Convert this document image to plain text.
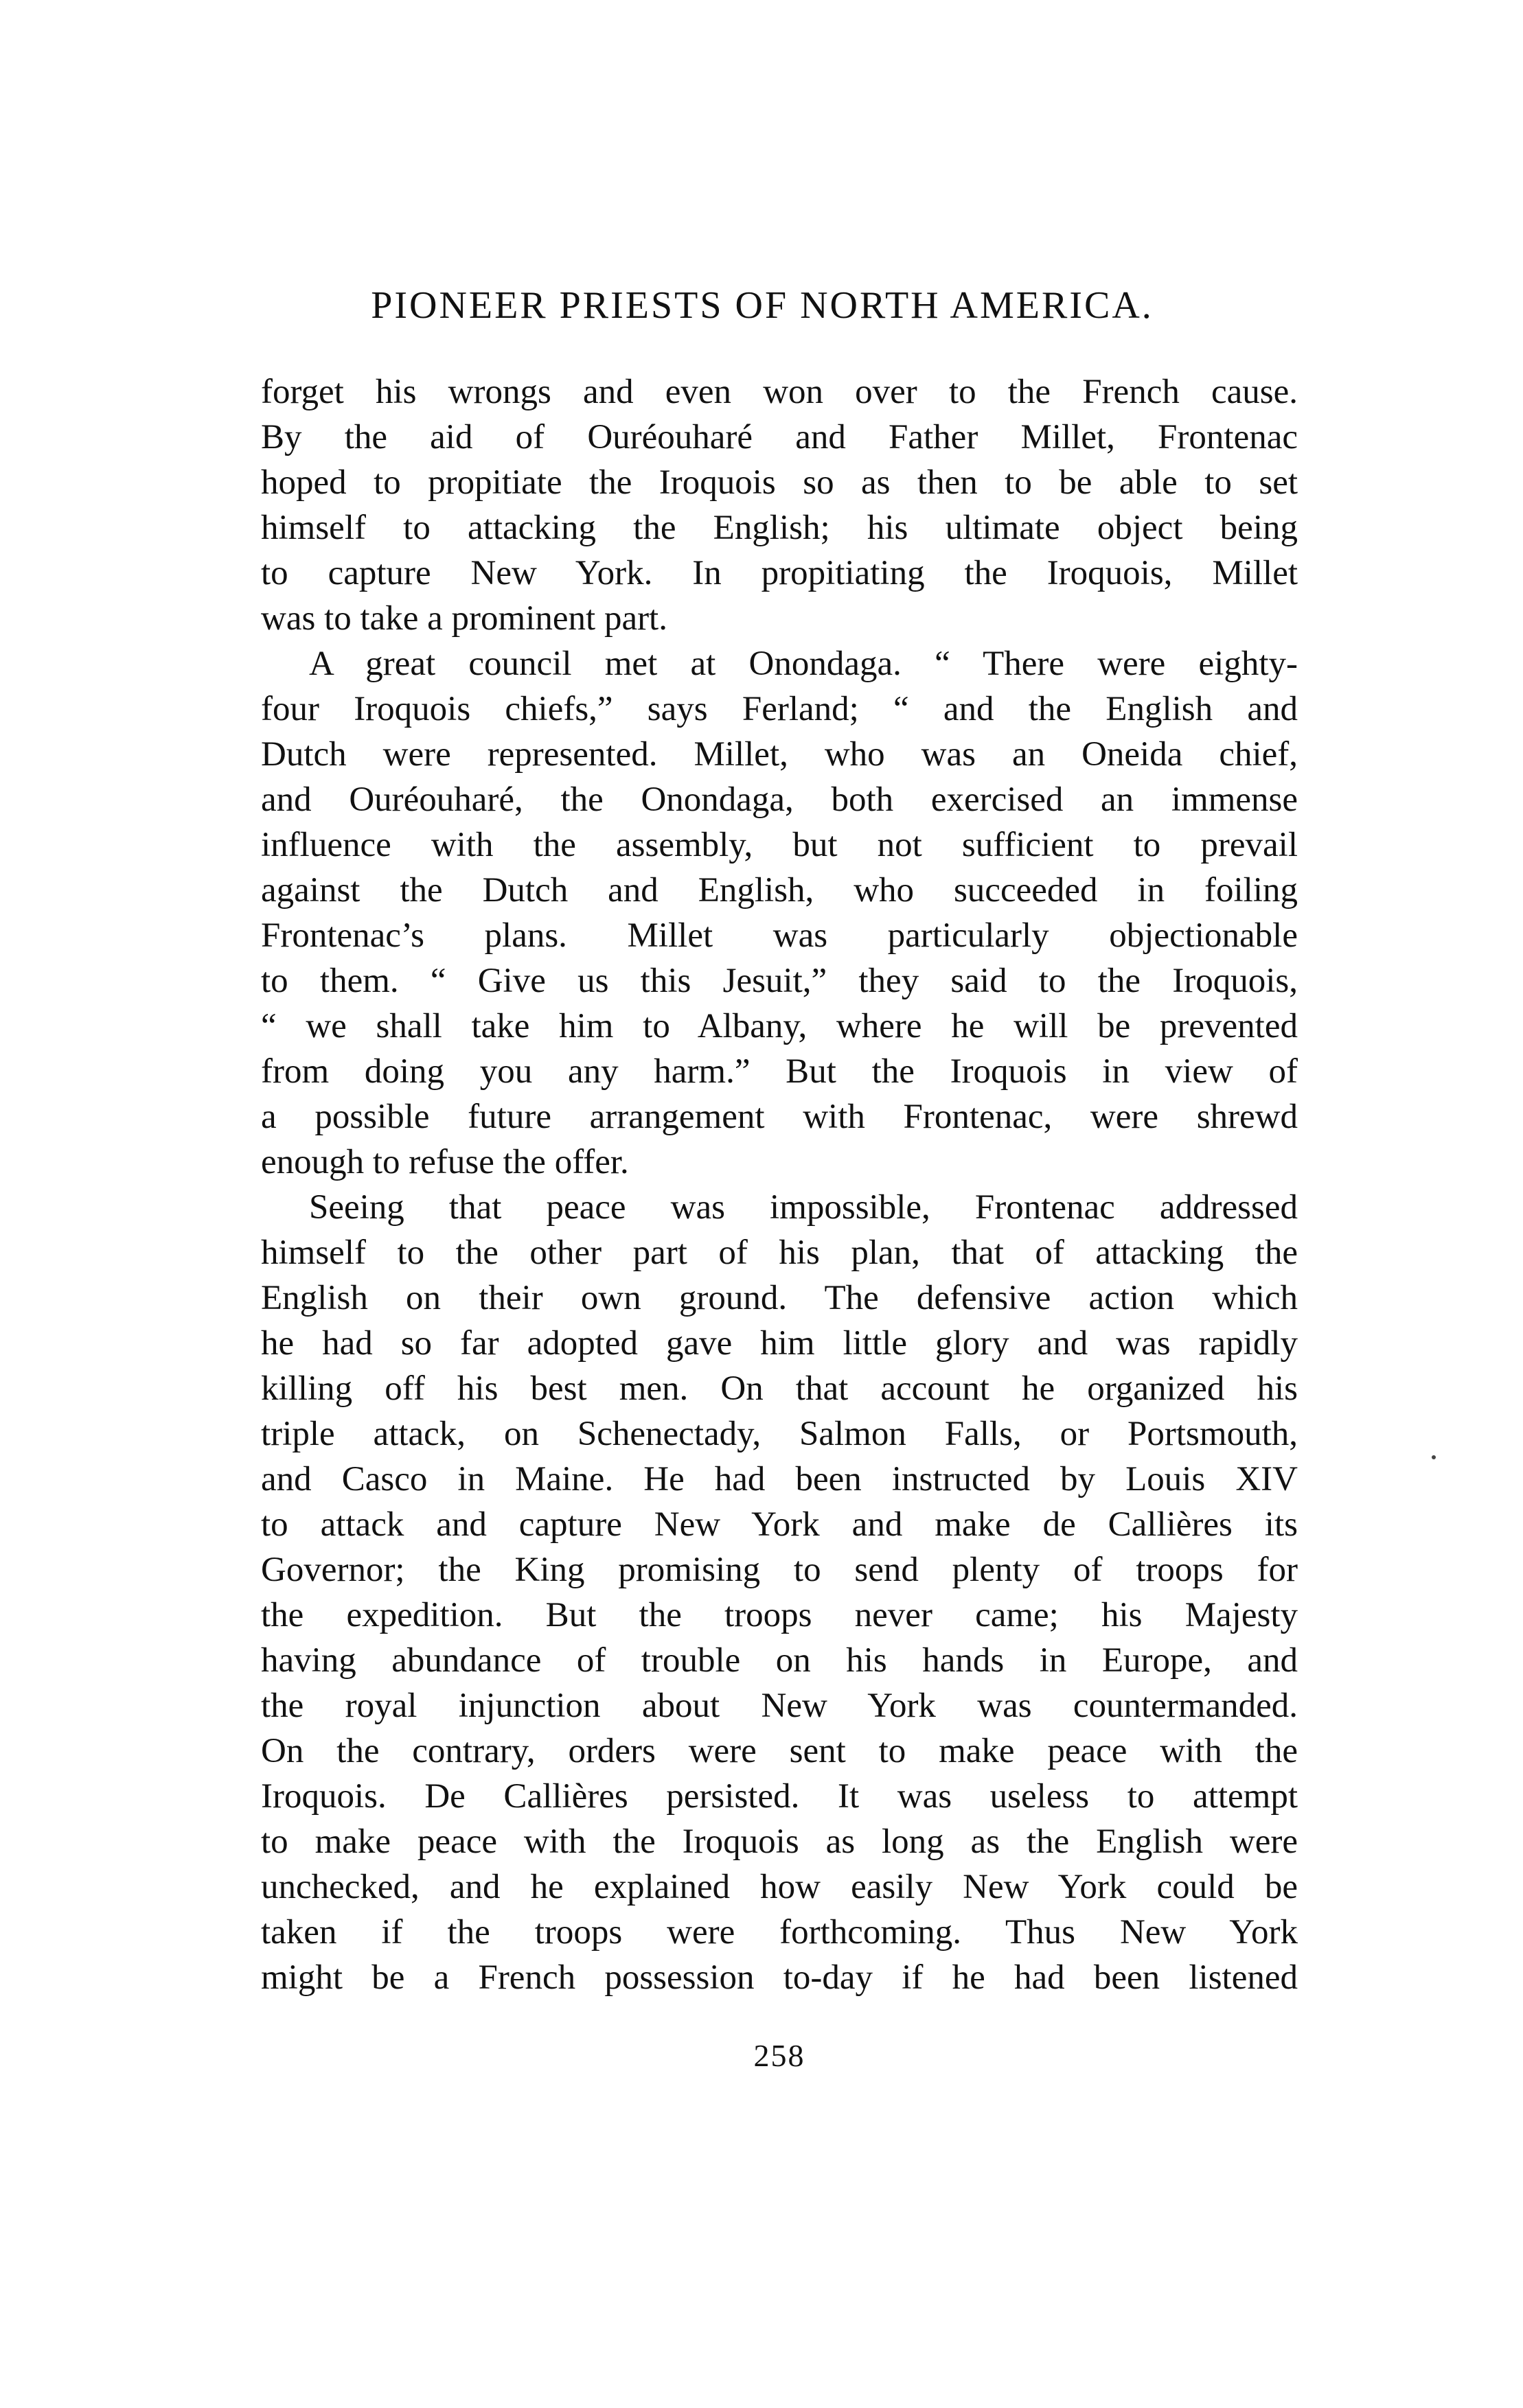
PIONEER PRIESTS OF NORTH AMERICA.
forget his wrongs and even won over to the French cause.
By the aid of Ouréouharé and Father Millet, Frontenac
hoped to propitiate the Iroquois so as then to be able to set
himself to attacking the English; his ultimate object being
to capture New York. In propitiating the Iroquois, Millet
was to take a prominent part.
A great council met at Onondaga. “ There were eighty-
four Iroquois chiefs,” says Ferland; “ and the English and
Dutch were represented. Millet, who was an Oneida chief,
and Ouréouharé, the Onondaga, both exercised an immense
influence with the assembly, but not sufficient to prevail
against the Dutch and English, who succeeded in foiling
Frontenac’s plans. Millet was particularly objectionable
to them. “ Give us this Jesuit,” they said to the Iroquois,
“ we shall take him to Albany, where he will be prevented
from doing you any harm.” But the Iroquois in view of
a possible future arrangement with Frontenac, were shrewd
enough to refuse the offer.
Seeing that peace was impossible, Frontenac addressed
himself to the other part of his plan, that of attacking the
English on their own ground. The defensive action which
he had so far adopted gave him little glory and was rapidly
killing off his best men. On that account he organized his
triple attack, on Schenectady, Salmon Falls, or Portsmouth,
and Casco in Maine. He had been instructed by Louis XIV
to attack and capture New York and make de Callières its
Governor; the King promising to send plenty of troops for
the expedition. But the troops never came; his Majesty
having abundance of trouble on his hands in Europe, and
the royal injunction about New York was countermanded.
On the contrary, orders were sent to make peace with the
Iroquois. De Callières persisted. It was useless to attempt
to make peace with the Iroquois as long as the English were
unchecked, and he explained how easily New York could be
taken if the troops were forthcoming. Thus New York
might be a French possession to-day if he had been listened
258
